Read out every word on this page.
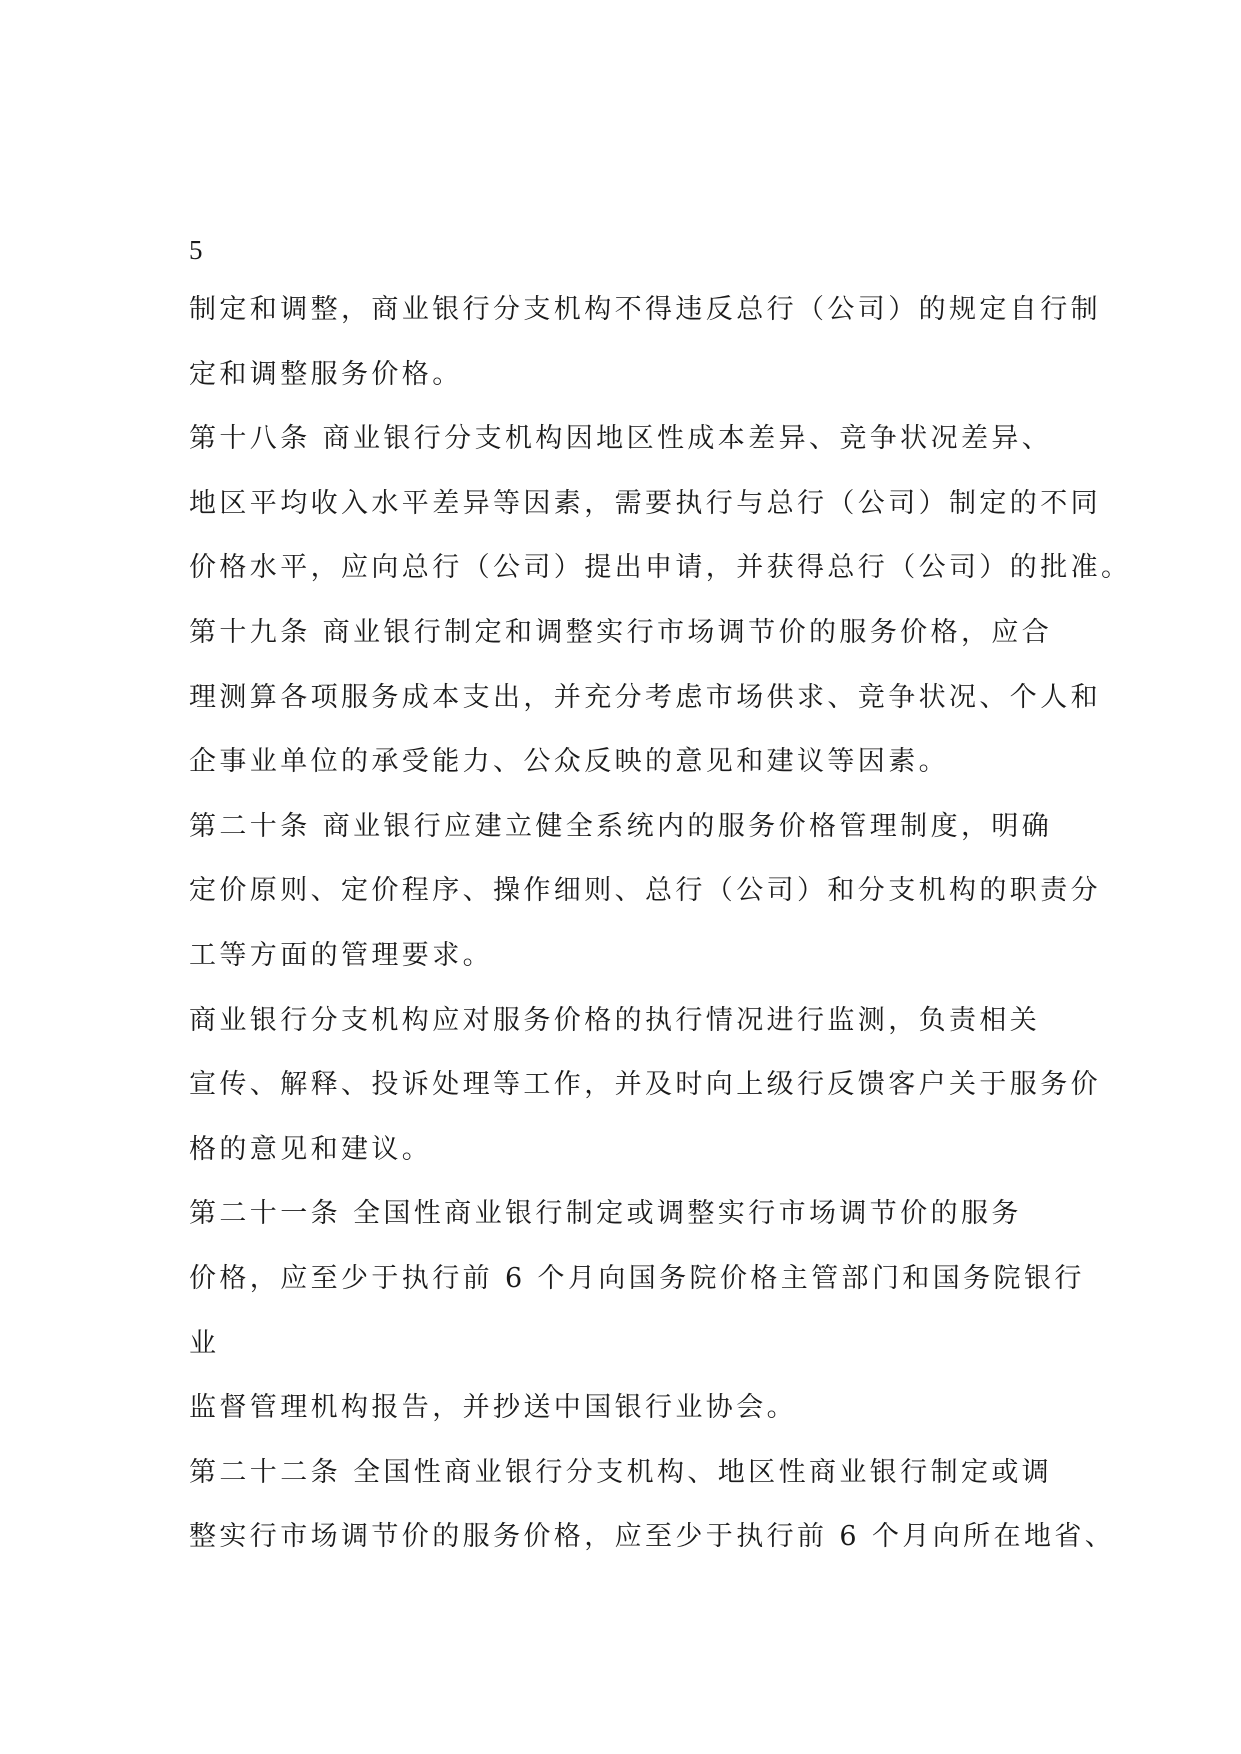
5
制定和调整，商业银行分支机构不得违反总行（公司）的规定自行制
定和调整服务价格。
第十八条 商业银行分支机构因地区性成本差异、竞争状况差异、
地区平均收入水平差异等因素，需要执行与总行（公司）制定的不同
价格水平，应向总行（公司）提出申请，并获得总行（公司）的批准。
第十九条 商业银行制定和调整实行市场调节价的服务价格，应合
理测算各项服务成本支出，并充分考虑市场供求、竞争状况、个人和
企事业单位的承受能力、公众反映的意见和建议等因素。
第二十条 商业银行应建立健全系统内的服务价格管理制度，明确
定价原则、定价程序、操作细则、总行（公司）和分支机构的职责分
工等方面的管理要求。
商业银行分支机构应对服务价格的执行情况进行监测，负责相关
宣传、解释、投诉处理等工作，并及时向上级行反馈客户关于服务价
格的意见和建议。
第二十一条 全国性商业银行制定或调整实行市场调节价的服务
价格，应至少于执行前 6 个月向国务院价格主管部门和国务院银行
业
监督管理机构报告，并抄送中国银行业协会。
第二十二条 全国性商业银行分支机构、地区性商业银行制定或调
整实行市场调节价的服务价格，应至少于执行前 6 个月向所在地省、
